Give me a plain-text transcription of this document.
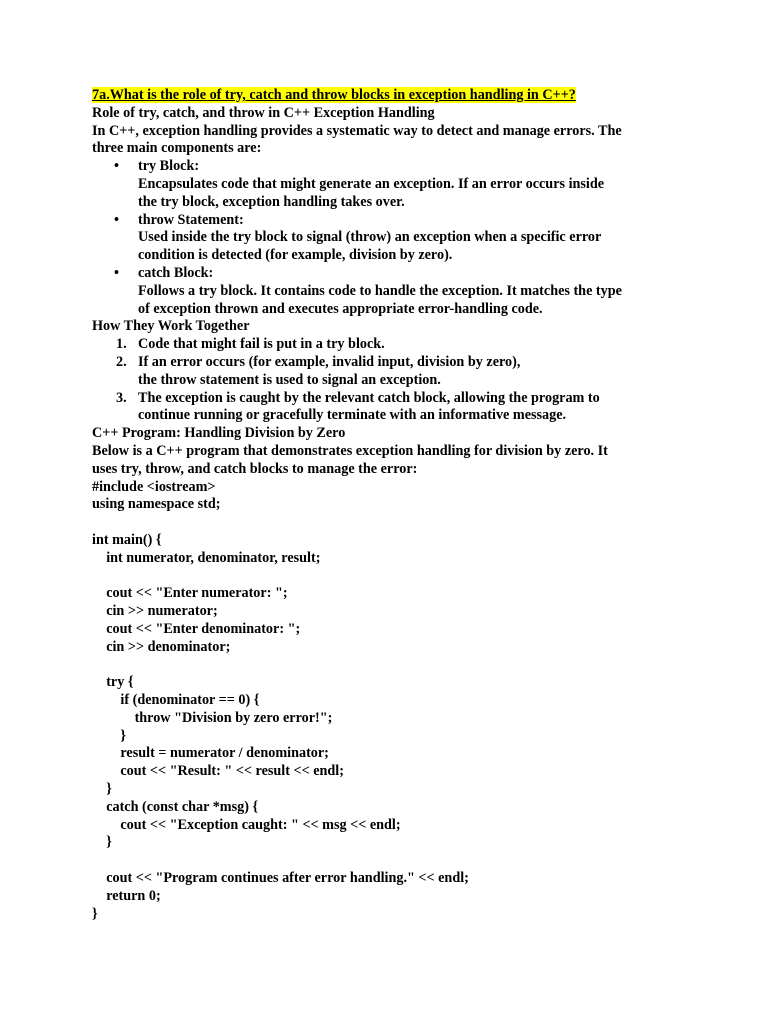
7a.What is the role of try, catch and throw blocks in exception handling in C++?
Role of try, catch, and throw in C++ Exception Handling
In C++, exception handling provides a systematic way to detect and manage errors. The
three main components are:
• try Block:
Encapsulates code that might generate an exception. If an error occurs inside
the try block, exception handling takes over.
• throw Statement:
Used inside the try block to signal (throw) an exception when a specific error
condition is detected (for example, division by zero).
• catch Block:
Follows a try block. It contains code to handle the exception. It matches the type
of exception thrown and executes appropriate error-handling code.
How They Work Together
1. Code that might fail is put in a try block.
2. If an error occurs (for example, invalid input, division by zero),
the throw statement is used to signal an exception.
3. The exception is caught by the relevant catch block, allowing the program to
continue running or gracefully terminate with an informative message.
C++ Program: Handling Division by Zero
Below is a C++ program that demonstrates exception handling for division by zero. It
uses try, throw, and catch blocks to manage the error:
#include <iostream>
using namespace std;
int main() {
int numerator, denominator, result;
cout << "Enter numerator: ";
cin >> numerator;
cout << "Enter denominator: ";
cin >> denominator;
try {
if (denominator == 0) {
throw "Division by zero error!";
}
result = numerator / denominator;
cout << "Result: " << result << endl;
}
catch (const char *msg) {
cout << "Exception caught: " << msg << endl;
}
cout << "Program continues after error handling." << endl;
return 0;
}
